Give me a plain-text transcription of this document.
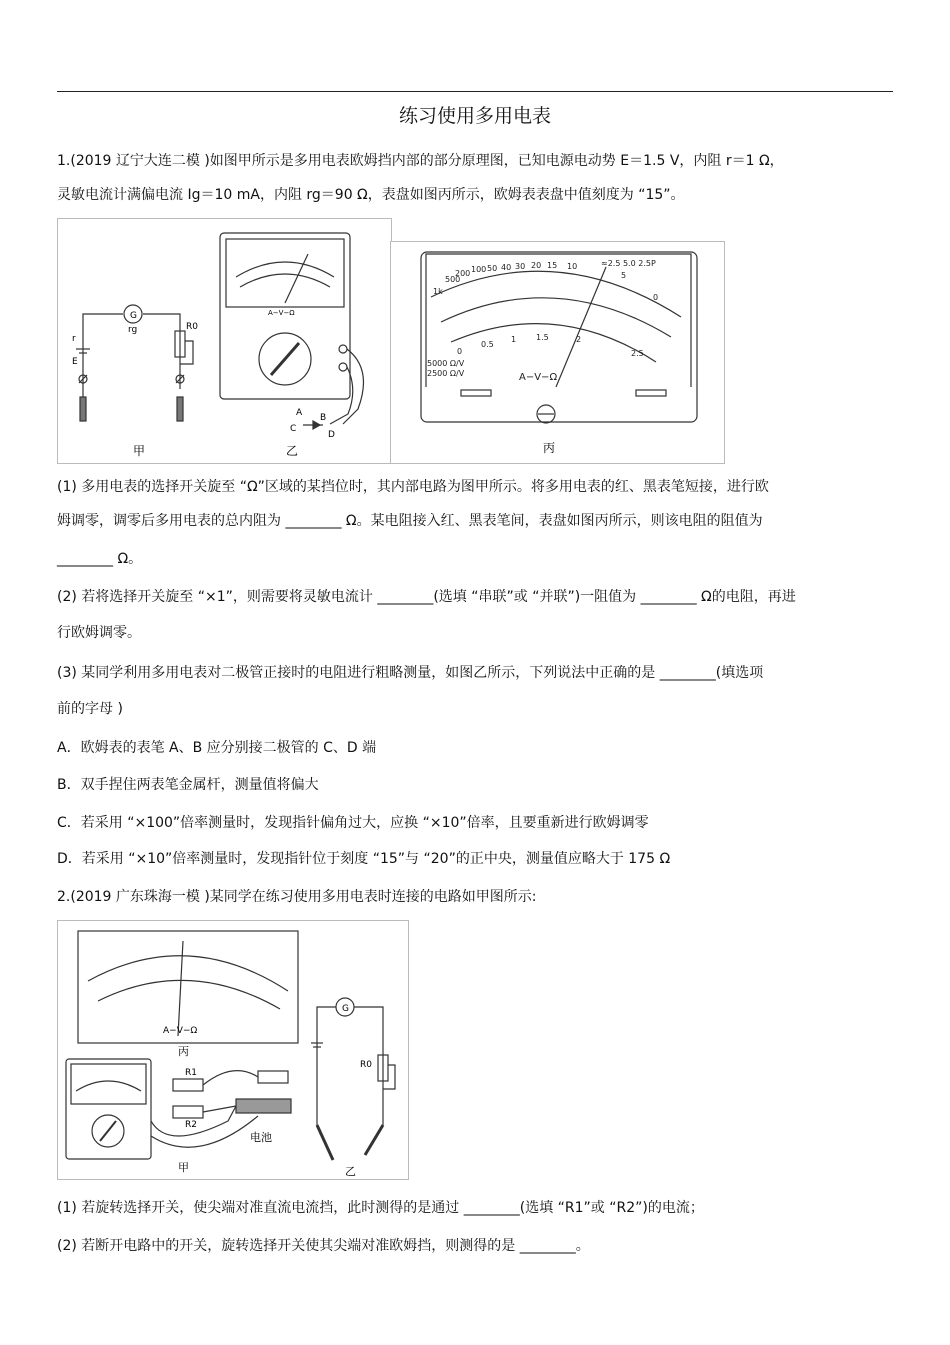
练习使用多用电表
1.(2019 辽宁大连二模 )如图甲所示是多用电表欧姆挡内部的部分原理图，已知电源电动势 E＝1.5 V，内阻 r＝1 Ω，
灵敏电流计满偏电流 Ig＝10 mA，内阻 rg＝90 Ω，表盘如图丙所示，欧姆表表盘中值刻度为 “15”。
G
rg
r
E
R0
甲
A−V−Ω
A B
C
D
乙
1k
500
200 100 50 40 30 20 15 10
5
0
0
0.5
1 1.5	2
2.5
≈2.5 5.0 2.5P
5000 Ω/V
2500 Ω/V	A−V−Ω
丙
(1) 多用电表的选择开关旋至 “Ω”区域的某挡位时，其内部电路为图甲所示。将多用电表的红、黑表笔短接，进行欧
姆调零，调零后多用电表的总内阻为 ________ Ω。某电阻接入红、黑表笔间，表盘如图丙所示，则该电阻的阻值为
________ Ω。
(2) 若将选择开关旋至 “×1”，则需要将灵敏电流计 ________(选填 “串联”或 “并联”)一阻值为 ________ Ω的电阻，再进
行欧姆调零。
(3) 某同学利用多用电表对二极管正接时的电阻进行粗略测量，如图乙所示，下列说法中正确的是 ________(填选项
前的字母 )
A．欧姆表的表笔 A、B 应分别接二极管的 C、D 端
B．双手捏住两表笔金属杆，测量值将偏大
C．若采用 “×100”倍率测量时，发现指针偏角过大，应换 “×10”倍率，且要重新进行欧姆调零
D．若采用 “×10”倍率测量时，发现指针位于刻度 “15”与 “20”的正中央，测量值应略大于 175 Ω
2.(2019 广东珠海一模 )某同学在练习使用多用电表时连接的电路如甲图所示:
A−V−Ω
丙
R1
R2
电池
甲
G
R0
乙
(1) 若旋转选择开关，使尖端对准直流电流挡，此时测得的是通过 ________(选填 “R1”或 “R2”)的电流；
(2) 若断开电路中的开关，旋转选择开关使其尖端对准欧姆挡，则测得的是 ________。
